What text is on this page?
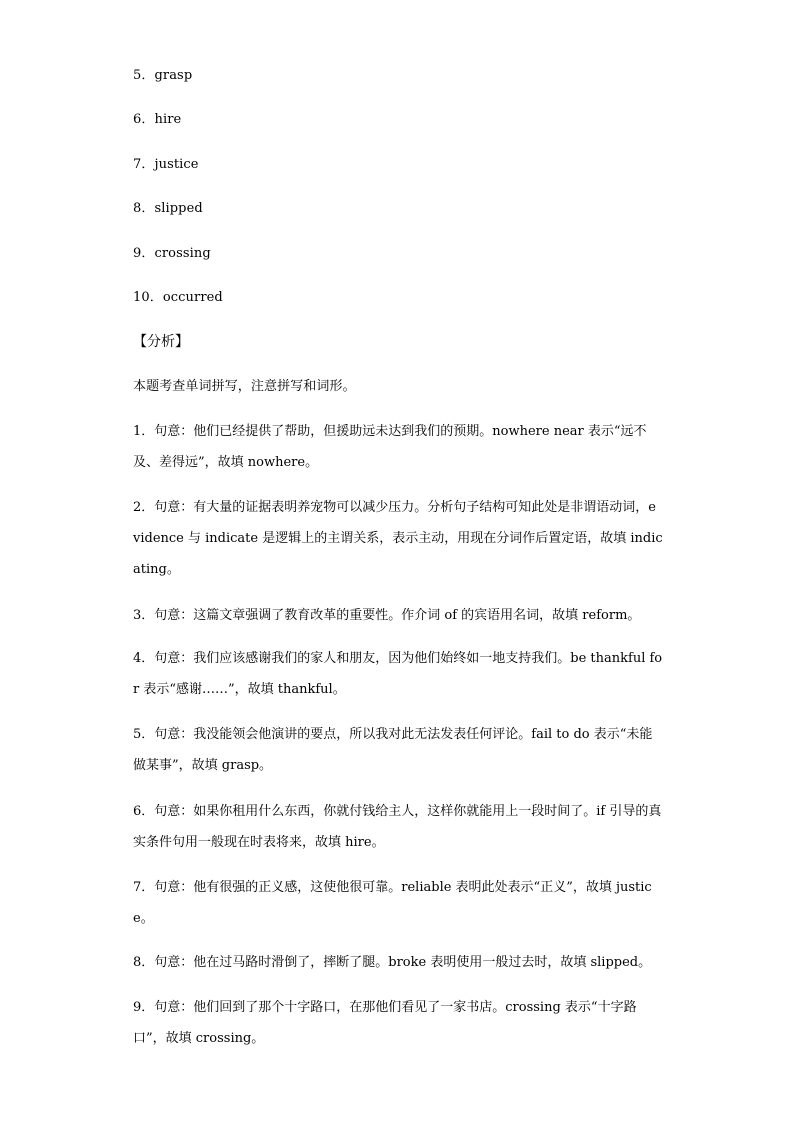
5．grasp
6．hire
7．justice
8．slipped
9．crossing
10．occurred
【分析】
本题考查单词拼写，注意拼写和词形。
1．句意：他们已经提供了帮助，但援助远未达到我们的预期。nowhere near 表示“远不及、差得远”，故填 nowhere。
2．句意：有大量的证据表明养宠物可以减少压力。分析句子结构可知此处是非谓语动词，evidence 与 indicate 是逻辑上的主谓关系，表示主动，用现在分词作后置定语，故填 indicating。
3．句意：这篇文章强调了教育改革的重要性。作介词 of 的宾语用名词，故填 reform。
4．句意：我们应该感谢我们的家人和朋友，因为他们始终如一地支持我们。be thankful for 表示“感谢……”，故填 thankful。
5．句意：我没能领会他演讲的要点，所以我对此无法发表任何评论。fail to do 表示“未能做某事”，故填 grasp。
6．句意：如果你租用什么东西，你就付钱给主人，这样你就能用上一段时间了。if 引导的真实条件句用一般现在时表将来，故填 hire。
7．句意：他有很强的正义感，这使他很可靠。reliable 表明此处表示“正义”，故填 justice。
8．句意：他在过马路时滑倒了，摔断了腿。broke 表明使用一般过去时，故填 slipped。
9．句意：他们回到了那个十字路口，在那他们看见了一家书店。crossing 表示“十字路口”，故填 crossing。
